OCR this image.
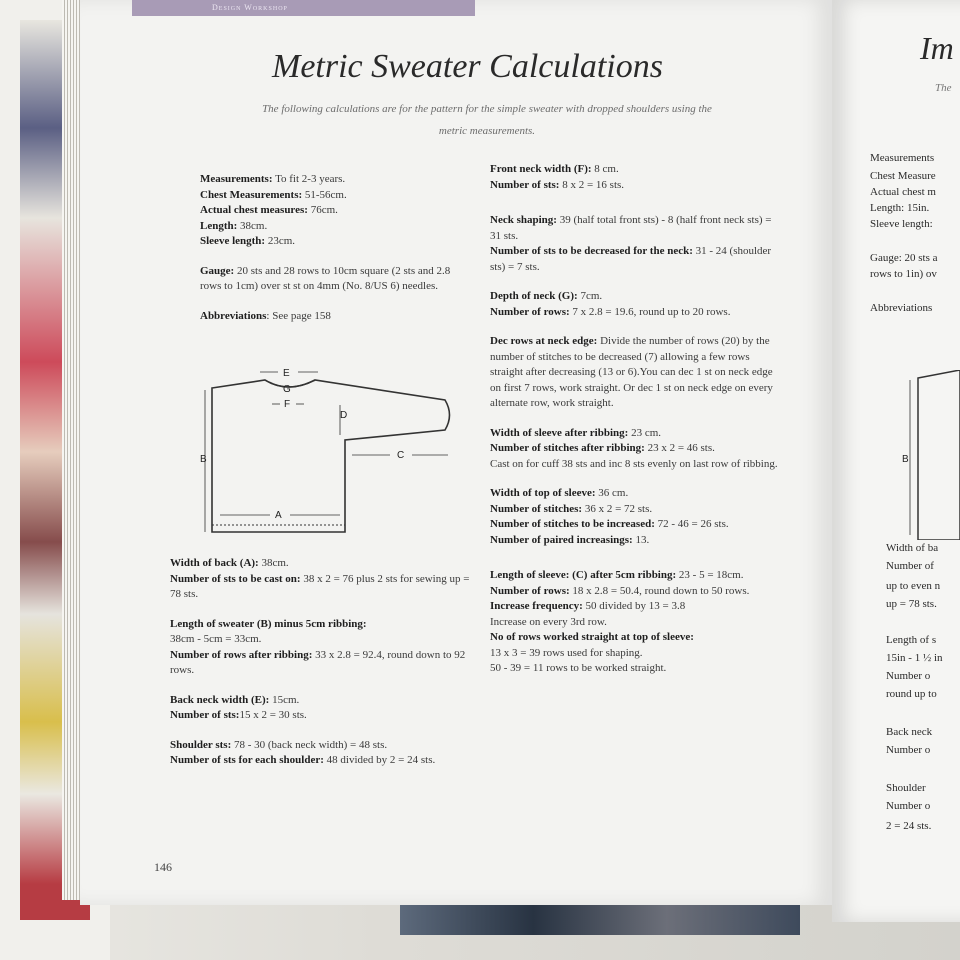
Design Workshop
Metric Sweater Calculations
The following calculations are for the pattern for the simple sweater with dropped shoulders using the metric measurements.

Measurements: To fit 2-3 years.

Chest Measurements: 51-56cm.

Actual chest measures: 76cm.

Length: 38cm.

Sleeve length: 23cm.

Gauge: 20 sts and 28 rows to 10cm square (2 sts and 2.8 rows to 1cm) over st st on 4mm (No. 8/US 6) needles.

Abbreviations: See page 158

E
G
F
D
B
A
C

Width of back (A): 38cm.

Number of sts to be cast on: 38 x 2 = 76 plus 2 sts for sewing up = 78 sts.

Length of sweater (B) minus 5cm ribbing:

38cm - 5cm = 33cm.

Number of rows after ribbing: 33 x 2.8 = 92.4, round down to 92 rows.

Back neck width (E): 15cm.

Number of sts:15 x 2 = 30 sts.

Shoulder sts: 78 - 30 (back neck width) = 48 sts.

Number of sts for each shoulder: 48 divided by 2 = 24 sts.

Front neck width (F): 8 cm.

Number of sts: 8 x 2 = 16 sts.

Neck shaping: 39 (half total front sts) - 8 (half front neck sts) = 31 sts.

Number of sts to be decreased for the neck: 31 - 24 (shoulder sts) = 7 sts.

Depth of neck (G): 7cm.

Number of rows: 7 x 2.8 = 19.6, round up to 20 rows.

Dec rows at neck edge: Divide the number of rows (20) by the number of stitches to be decreased (7) allowing a few rows straight after decreasing (13 or 6).You can dec 1 st on neck edge on first 7 rows, work straight. Or dec 1 st on neck edge on every alternate row, work straight.

Width of sleeve after ribbing: 23 cm.

Number of stitches after ribbing: 23 x 2 = 46 sts.

Cast on for cuff 38 sts and inc 8 sts evenly on last row of ribbing.

Width of top of sleeve: 36 cm.

Number of stitches: 36 x 2 = 72 sts.

Number of stitches to be increased: 72 - 46 = 26 sts.

Number of paired increasings: 13.

Length of sleeve: (C) after 5cm ribbing: 23 - 5 = 18cm.

Number of rows: 18 x 2.8 = 50.4, round down to 50 rows.

Increase frequency: 50 divided by 13 = 3.8

Increase on every 3rd row.

No of rows worked straight at top of sleeve:

13 x 3 = 39 rows used for shaping.

50 - 39 = 11 rows to be worked straight.

146
Im
The
Measurements
Chest Measure
Actual chest m
Length: 15in.
Sleeve length:
Gauge: 20 sts a
rows to 1in) ov
Abbreviations
Width of ba
Number of
up to even n
up = 78 sts.
Length of s
15in - 1 ½ in
Number o
round up to
Back neck
Number o
Shoulder
Number o
2 = 24 sts.
B
